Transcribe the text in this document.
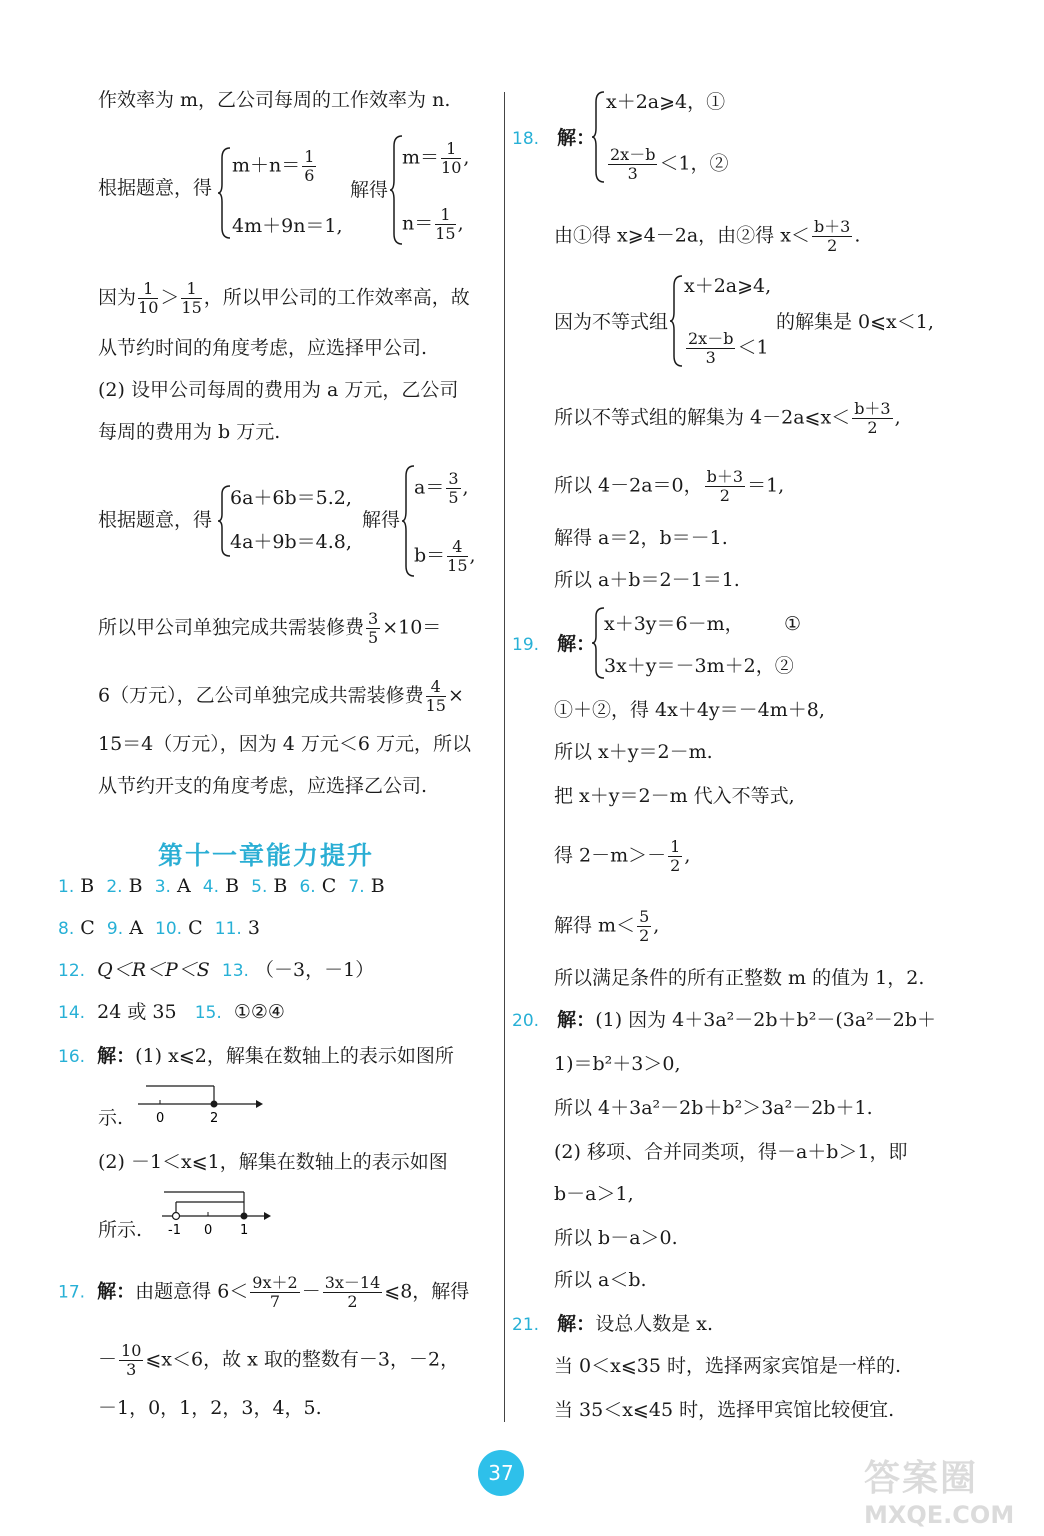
作效率为 m，乙公司每周的工作效率为 n.
根据题意，得
$m+n= \frac{1}{6}$
4m＋9n＝1,
解得
$m= \frac{1}{10}$ ,
$n= \frac{1}{15}$ ,
因为 $\frac{1}{10} > \frac{1}{15}$ ，所以甲公司的工作效率高，故
从节约时间的角度考虑，应选择甲公司.
(2) 设甲公司每周的费用为 a 万元，乙公司
每周的费用为 b 万元.
根据题意，得
6a＋6b＝5.2,
4a＋9b＝4.8,
解得
$a= \frac{3}{5}$ ,
$b= \frac{4}{15}$ ,
所以甲公司单独完成共需装修费 $\frac{3}{5} \times 10=$
6（万元），乙公司单独完成共需装修费 $\frac{4}{15}$ ×
15＝4（万元），因为 4 万元＜6 万元，所以
从节约开支的角度考虑，应选择乙公司.
第十一章能力提升
1. B 2. B 3. A 4. B 5. B 6. C 7. B
8. C 9. A 10. C 11. 3
12. Q＜R＜P＜S 13. （－3，－1）
14. 24 或 35 15. ①②④
16. 解：(1) x⩽2，解集在数轴上的表示如图所
示.	0	2
(2) －1＜x⩽1，解集在数轴上的表示如图
所示. -1 0 1
17. 解：由题意得 $6< \frac{9x+2}{7} - \frac{3x-14}{2}$ ⩽8，解得
－ $\frac{10}{3}$ ⩽x＜6，故 x 取的整数有－3，－2，
－1，0，1，2，3，4，5.
18. 解：
x＋2a⩾4，①
$\frac{2x-b}{3} <1$，②
由①得 x⩾4－2a，由②得 $x< \frac{b+3}{2}$ .
因为不等式组
x＋2a⩾4,
$\frac{2x-b}{3} <1$
的解集是 0⩽x＜1,
所以不等式组的解集为 4－2a⩽x＜ $\frac{b+3}{2}$ ,
所以 4－2a＝0， $\frac{b+3}{2} =1$,
解得 a＝2，b＝－1.
所以 a＋b＝2－1＝1.
19. 解：
x＋3y＝6－m， ①
3x＋y＝－3m＋2，②
①＋②，得 4x＋4y＝－4m＋8,
所以 x＋y＝2－m.
把 x＋y＝2－m 代入不等式,
得 $2-m>- \frac{1}{2}$ ,
解得 $m< \frac{5}{2}$ ,
所以满足条件的所有正整数 m 的值为 1，2.
20. 解：(1) 因为 4＋3a²－2b＋b²－(3a²－2b＋
1)＝b²＋3＞0,
所以 4＋3a²－2b＋b²＞3a²－2b＋1.
(2) 移项、合并同类项，得－a＋b＞1，即
b－a＞1,
所以 b－a＞0.
所以 a＜b.
21. 解：设总人数是 x.
当 0＜x⩽35 时，选择两家宾馆是一样的.
当 35＜x⩽45 时，选择甲宾馆比较便宜.
37	答案圈
MXQE.COM
